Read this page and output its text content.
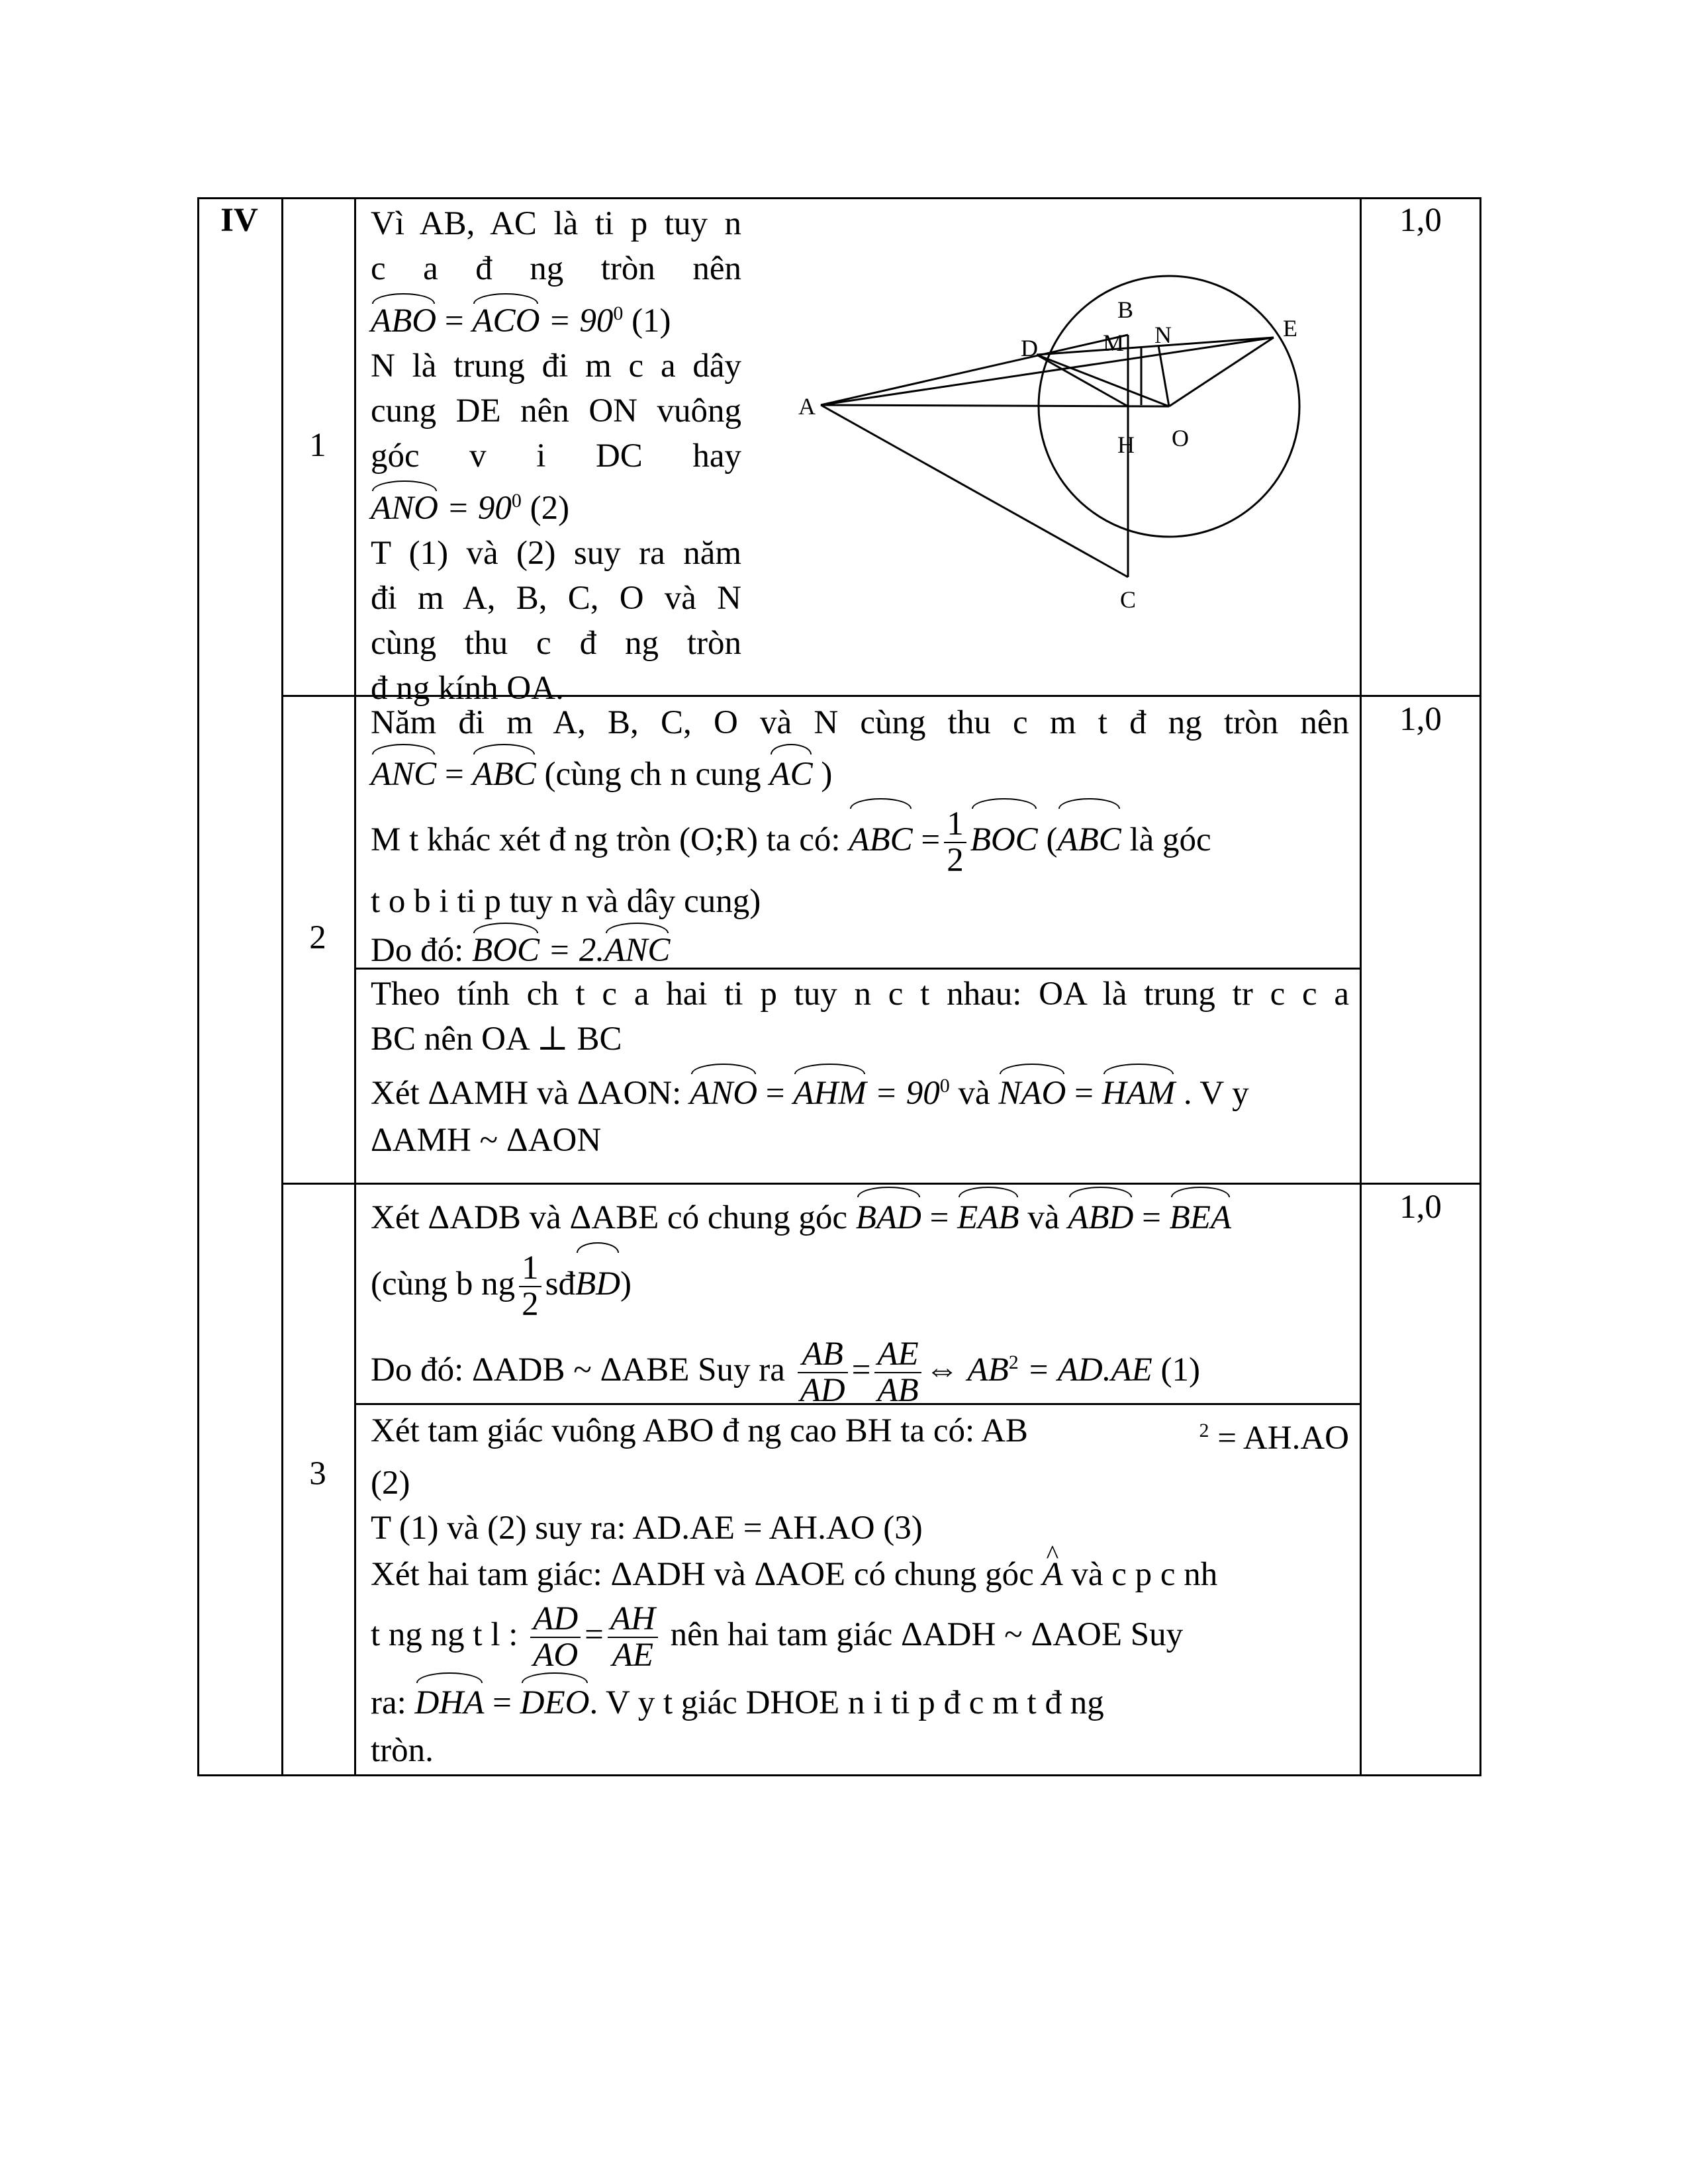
IV
1
2
3
1,0
1,0
1,0
Vì AB, AC là ti p tuy n
c a đ ng tròn nên
ABO = ACO = $90^0$ (1)
N là trung đi m c a dây
cung DE nên ON vuông
góc v i DC hay
ANO = $90^0$ (2)
T (1) và (2) suy ra năm
đi m A, B, C, O và N
cùng thu c đ ng tròn
đ ng kính OA.
A
B
C
D
E
M N
H O
Năm đi m A, B, C, O và N cùng thu c m t đ ng tròn nên
ANC = ABC (cùng ch n cung AC )
M t khác xét đ ng tròn (O;R) ta có: ABC = $\frac{1}{2}$ BOC (ABC là góc
t o b i ti p tuy n và dây cung)
Do đó: BOC = 2.ANC
Theo tính ch t c a hai ti p tuy n c t nhau: OA là trung tr c c a
BC nên OA ⊥ BC
Xét ΔAMH và ΔAON: ANO = AHM = $90^0$ và NAO = HAM . V y
ΔAMH ~ ΔAON
Xét ΔADB và ΔABE có chung góc BAD = EAB và ABD = BEA
(cùng b ng $\frac{1}{2}$ sđBD)
Do đó: ΔADB ~ ΔABE Suy ra $\frac{AB}{AD} = \frac{AE}{AB}$ ⇔ $AB^2 = AD.AE$ (1)
Xét tam giác vuông ABO đ ng cao BH ta có: AB	$^2$ = AH.AO
(2)
T (1) và (2) suy ra: AD.AE = AH.AO (3)
Xét hai tam giác: ΔADH và ΔAOE có chung góc ^ A và c p c nh
t ng ng t l : $\frac{AD}{AO} = \frac{AH}{AE}$ nên hai tam giác ΔADH ~ ΔAOE Suy
ra: DHA = DEO. V y t giác DHOE n i ti p đ c m t đ ng
tròn.
